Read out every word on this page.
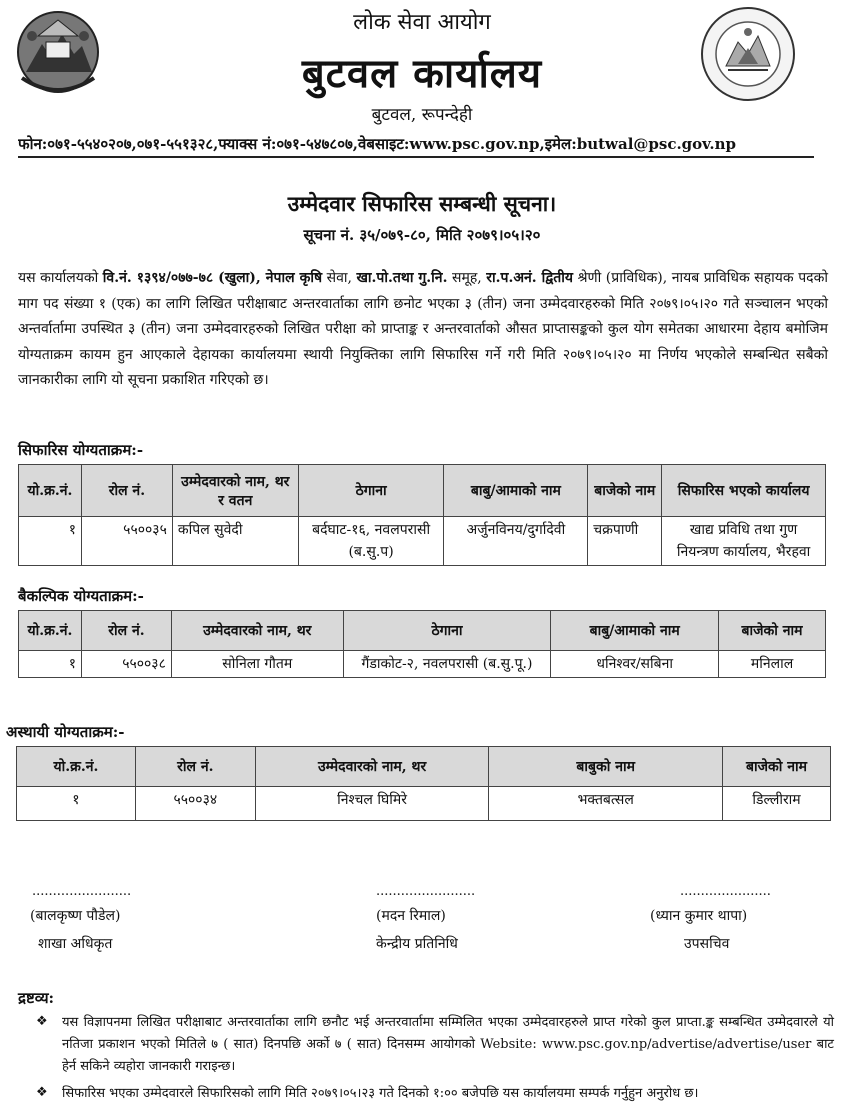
लोक सेवा आयोग
बुटवल कार्यालय
बुटवल, रूपन्देही
फोन:०७१-५५४०२०७,०७१-५५१३२८,फ्याक्स नं:०७१-५४७८०७,वेबसाइट:www.psc.gov.np,इमेल:butwal@psc.gov.np
उम्मेदवार सिफारिस सम्बन्धी सूचना।
सूचना नं. ३५/०७९-८०, मिति २०७९।०५।२०
यस कार्यालयको वि.नं. १३९४/०७७-७८ (खुला), नेपाल कृषि सेवा, खा.पो.तथा गु.नि. समूह, रा.प.अनं. द्वितीय श्रेणी (प्राविधिक), नायब प्राविधिक सहायक पदको माग पद संख्या १ (एक) का लागि लिखित परीक्षाबाट अन्तरवार्ताका लागि छनोट भएका ३ (तीन) जना उम्मेदवारहरुको मिति २०७९।०५।२० गते सञ्चालन भएको अन्तर्वार्तामा उपस्थित ३ (तीन) जना उम्मेदवारहरुको लिखित परीक्षा को प्राप्ताङ्क र अन्तरवार्ताको औसत प्राप्तासङ्कको कुल योग समेतका आधारमा देहाय बमोजिम योग्यताक्रम कायम हुन आएकाले देहायका कार्यालयमा स्थायी नियुक्तिका लागि सिफारिस गर्ने गरी मिति २०७९।०५।२० मा निर्णय भएकोले सम्बन्धित सबैको जानकारीका लागि यो सूचना प्रकाशित गरिएको छ।
सिफारिस योग्यताक्रम:-
यो.क्र.नं.	रोल नं.	उम्मेदवारको नाम, थर र वतन	ठेगाना	बाबु/आमाको नाम	बाजेको नाम	सिफारिस भएको कार्यालय
१	५५००३५	कपिल सुवेदी	बर्दघाट-१६, नवलपरासी (ब.सु.प)	अर्जुनविनय/दुर्गादेवी	चक्रपाणी	खाद्य प्रविधि तथा गुण नियन्त्रण कार्यालय, भैरहवा
बैकल्पिक योग्यताक्रम:-
यो.क्र.नं.	रोल नं.	उम्मेदवारको नाम, थर	ठेगाना	बाबु/आमाको नाम	बाजेको नाम
१	५५००३८	सोनिला गौतम	गैंडाकोट-२, नवलपरासी (ब.सु.पू.)	धनिश्वर/सबिना	मनिलाल
अस्थायी योग्यताक्रम:-
यो.क्र.नं.	रोल नं.	उम्मेदवारको नाम, थर	बाबुको नाम	बाजेको नाम
१	५५००३४	निश्चल घिमिरे	भक्तबत्सल	डिल्लीराम
........................
(बालकृष्ण पौडेल)
शाखा अधिकृत
........................
(मदन रिमाल)
केन्द्रीय प्रतिनिधि
......................
(ध्यान कुमार थापा)
उपसचिव
द्रष्टव्य:
❖ यस विज्ञापनमा लिखित परीक्षाबाट अन्तरवार्ताका लागि छनौट भई अन्तरवार्तामा सम्मिलित भएका उम्मेदवारहरुले प्राप्त गरेको कुल प्राप्ता.ङ्क सम्बन्धित उम्मेदवारले यो नतिजा प्रकाशन भएको मितिले ७ ( सात) दिनपछि अर्को ७ ( सात) दिनसम्म आयोगको Website: www.psc.gov.np/advertise/advertise/user बाट हेर्न सकिने व्यहोरा जानकारी गराइन्छ।
❖ सिफारिस भएका उम्मेदवारले सिफारिसको लागि मिति २०७९।०५।२३ गते दिनको १:०० बजेपछि यस कार्यालयमा सम्पर्क गर्नुहुन अनुरोध छ।
